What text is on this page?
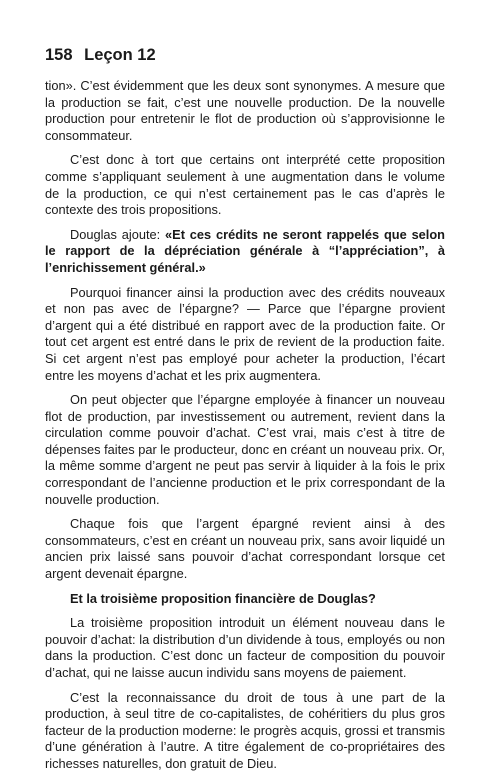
158 Leçon 12

tion». C’est évidemment que les deux sont synonymes. A mesure que la production se fait, c’est une nouvelle production. De la nouvelle production pour entretenir le flot de production où s’approvisionne le consommateur.

C’est donc à tort que certains ont interprété cette proposition comme s’appliquant seulement à une augmentation dans le volume de la production, ce qui n’est certainement pas le cas d’après le contexte des trois propositions.

Douglas ajoute: «Et ces crédits ne seront rappelés que selon le rapport de la dépréciation générale à “l’appréciation”, à l’enrichissement général.»

Pourquoi financer ainsi la production avec des crédits nouveaux et non pas avec de l’épargne? — Parce que l’épargne provient d’argent qui a été distribué en rapport avec de la production faite. Or tout cet argent est entré dans le prix de revient de la production faite. Si cet argent n’est pas employé pour acheter la production, l’écart entre les moyens d’achat et les prix augmentera.

On peut objecter que l’épargne employée à financer un nouveau flot de production, par investissement ou autrement, revient dans la circulation comme pouvoir d’achat. C’est vrai, mais c’est à titre de dépenses faites par le producteur, donc en créant un nouveau prix. Or, la même somme d’argent ne peut pas servir à liquider à la fois le prix correspondant de l’ancienne production et le prix correspondant de la nouvelle production.

Chaque fois que l’argent épargné revient ainsi à des consommateurs, c’est en créant un nouveau prix, sans avoir liquidé un ancien prix laissé sans pouvoir d’achat correspondant lorsque cet argent devenait épargne.

Et la troisième proposition financière de Douglas?

La troisième proposition introduit un élément nouveau dans le pouvoir d’achat: la distribution d’un dividende à tous, employés ou non dans la production. C’est donc un facteur de composition du pouvoir d’achat, qui ne laisse aucun individu sans moyens de paiement.

C’est la reconnaissance du droit de tous à une part de la production, à seul titre de co-capitalistes, de cohéritiers du plus gros facteur de la production moderne: le progrès acquis, grossi et transmis d’une génération à l’autre. A titre également de co-propriétaires des richesses naturelles, don gratuit de Dieu.
